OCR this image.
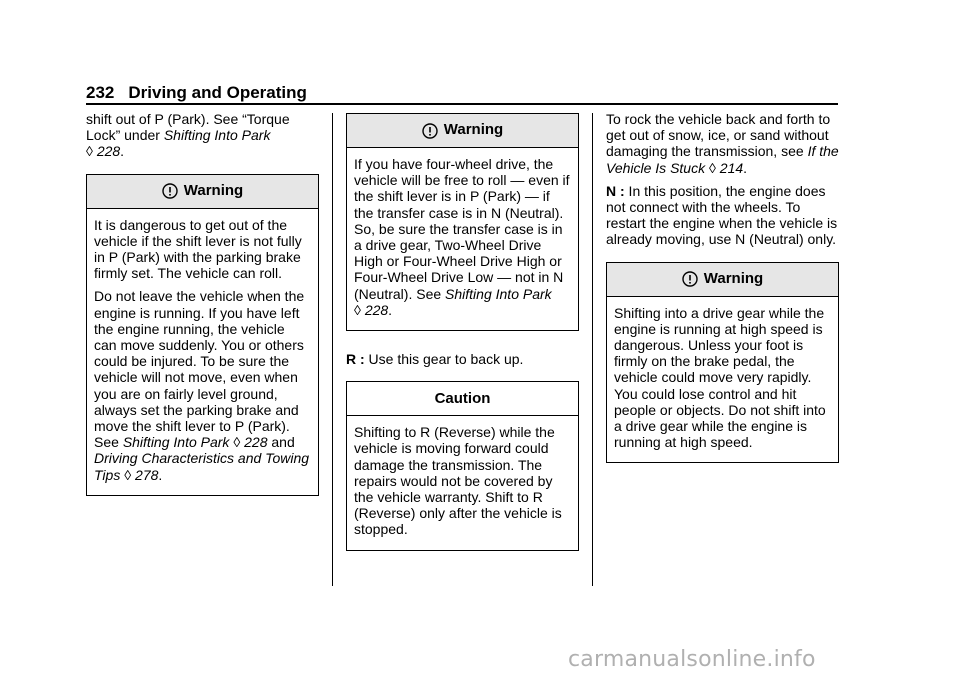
232 Driving and Operating
shift out of P (Park). See “Torque Lock” under Shifting Into Park
◊ 228.
Warning
It is dangerous to get out of the vehicle if the shift lever is not fully in P (Park) with the parking brake firmly set. The vehicle can roll.
Do not leave the vehicle when the engine is running. If you have left the engine running, the vehicle can move suddenly. You or others could be injured. To be sure the vehicle will not move, even when you are on fairly level ground, always set the parking brake and move the shift lever to P (Park). See Shifting Into Park ◊ 228 and Driving Characteristics and Towing Tips ◊ 278.
Warning
If you have four-wheel drive, the vehicle will be free to roll — even if the shift lever is in P (Park) — if the transfer case is in N (Neutral). So, be sure the transfer case is in a drive gear, Two-Wheel Drive High or Four-Wheel Drive High or Four-Wheel Drive Low — not in N (Neutral). See Shifting Into Park
◊ 228.
R : Use this gear to back up.
Caution
Shifting to R (Reverse) while the vehicle is moving forward could damage the transmission. The repairs would not be covered by the vehicle warranty. Shift to R (Reverse) only after the vehicle is stopped.
To rock the vehicle back and forth to get out of snow, ice, or sand without damaging the transmission, see If the Vehicle Is Stuck ◊ 214.
N : In this position, the engine does not connect with the wheels. To restart the engine when the vehicle is already moving, use N (Neutral) only.
Warning
Shifting into a drive gear while the engine is running at high speed is dangerous. Unless your foot is firmly on the brake pedal, the vehicle could move very rapidly. You could lose control and hit people or objects. Do not shift into a drive gear while the engine is running at high speed.
carmanualsonline.info
